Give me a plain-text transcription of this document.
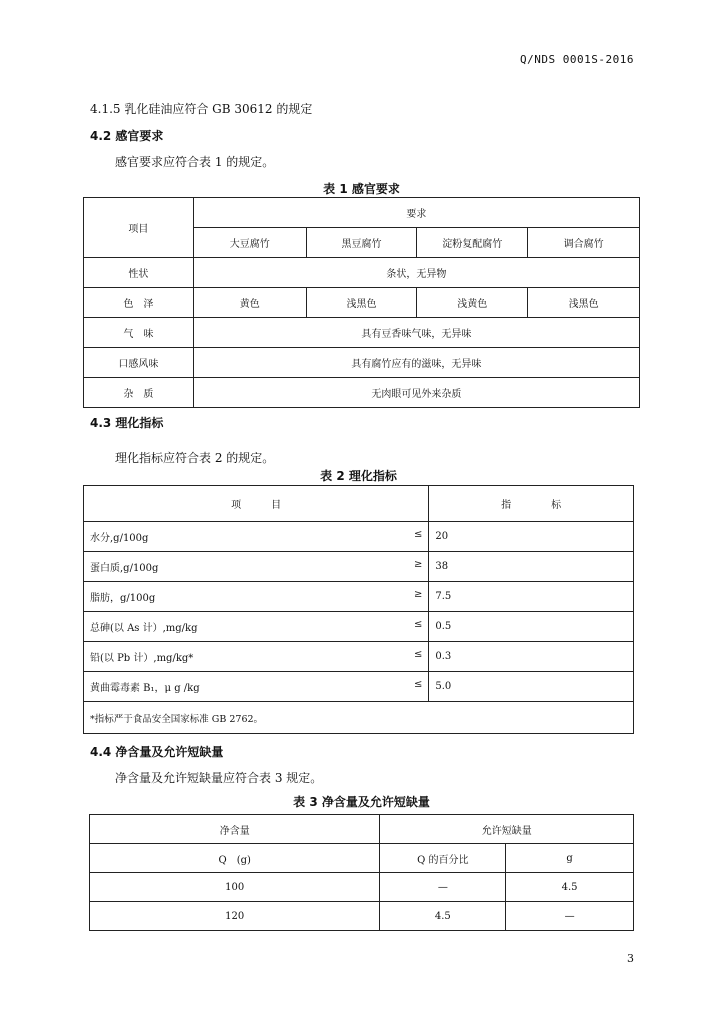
Q/NDS 0001S-2016
4.1.5 乳化硅油应符合 GB 30612 的规定
4.2 感官要求
感官要求应符合表 1 的规定。
表 1 感官要求
项目	要求			
	大豆腐竹	黑豆腐竹	淀粉复配腐竹	调合腐竹
性状	条状，无异物			
色　泽	黄色	浅黑色	浅黄色	浅黑色
气　味	具有豆香味气味，无异味			
口感风味	具有腐竹应有的滋味，无异味			
杂　质	无肉眼可见外来杂质			
4.3 理化指标
理化指标应符合表 2 的规定。
表 2 理化指标
项　　　目	指　　　　标
水分,g/100g ≤	20
蛋白质,g/100g ≥	38
脂肪，g/100g ≥	7.5
总砷(以 As 计）,mg/kg ≤	0.5
铅(以 Pb 计）,mg/kg* ≤	0.3
黄曲霉毒素 B₁，μ g /kg ≤	5.0
*指标严于食品安全国家标准 GB 2762。	
4.4 净含量及允许短缺量
净含量及允许短缺量应符合表 3 规定。
表 3 净含量及允许短缺量
净含量	允许短缺量	
Q　(g)	Q 的百分比	g
100	—	4.5
120	4.5	—
3
